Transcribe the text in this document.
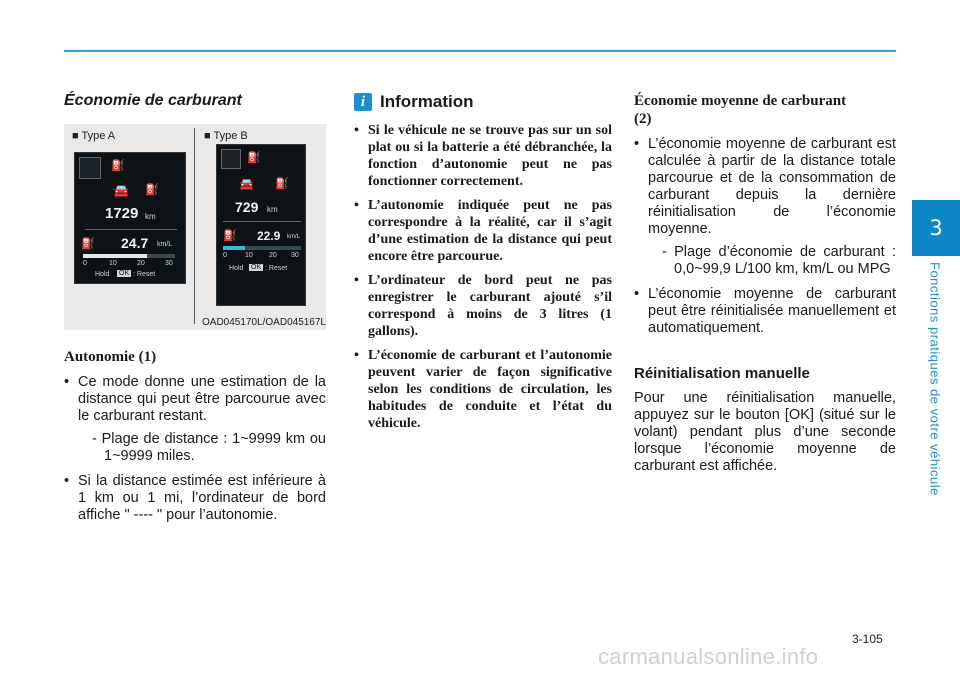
3
Fonctions pratiques de votre véhicule
Économie de carburant
■ Type A	■ Type B
⛽
🚘 ⛽
1729 km
⛽ 24.7 km/L
0	10	20	30
Hold OK : Reset
⛽
🚘 ⛽
729 km
⛽ 22.9 km/L
0	10 20 30
Hold OK : Reset
OAD045170L/OAD045167L
Autonomie (1)
• Ce mode donne une estimation de la distance qui peut être parcourue avec le carburant restant.
- Plage de distance : 1~9999 km ou 1~9999 miles.
• Si la distance estimée est inférieure à 1 km ou 1 mi, l’ordinateur de bord affiche " ---- " pour l’autonomie.
i Information
• Si le véhicule ne se trouve pas sur un sol plat ou si la batterie a été débranchée, la fonction d’autonomie peut ne pas fonctionner correctement.
• L’autonomie indiquée peut ne pas correspondre à la réalité, car il s’agit d’une estimation de la distance qui peut encore être parcourue.
• L’ordinateur de bord peut ne pas enregistrer le carburant ajouté s’il correspond à moins de 3 litres (1 gallons).
• L’économie de carburant et l’autonomie peuvent varier de façon significative selon les conditions de circulation, les habitudes de conduite et l’état du véhicule.
Économie moyenne de carburant
(2)
• L’économie moyenne de carburant est calculée à partir de la distance totale parcourue et de la consommation de carburant depuis la dernière réinitialisation de l’économie moyenne.
- Plage d’économie de carburant : 0,0~99,9 L/100 km, km/L ou MPG
• L’économie moyenne de carburant peut être réinitialisée manuellement et automatiquement.
Réinitialisation manuelle
Pour une réinitialisation manuelle, appuyez sur le bouton [OK] (situé sur le volant) pendant plus d’une seconde lorsque l’économie moyenne de carburant est affichée.
3-105
carmanualsonline.info
